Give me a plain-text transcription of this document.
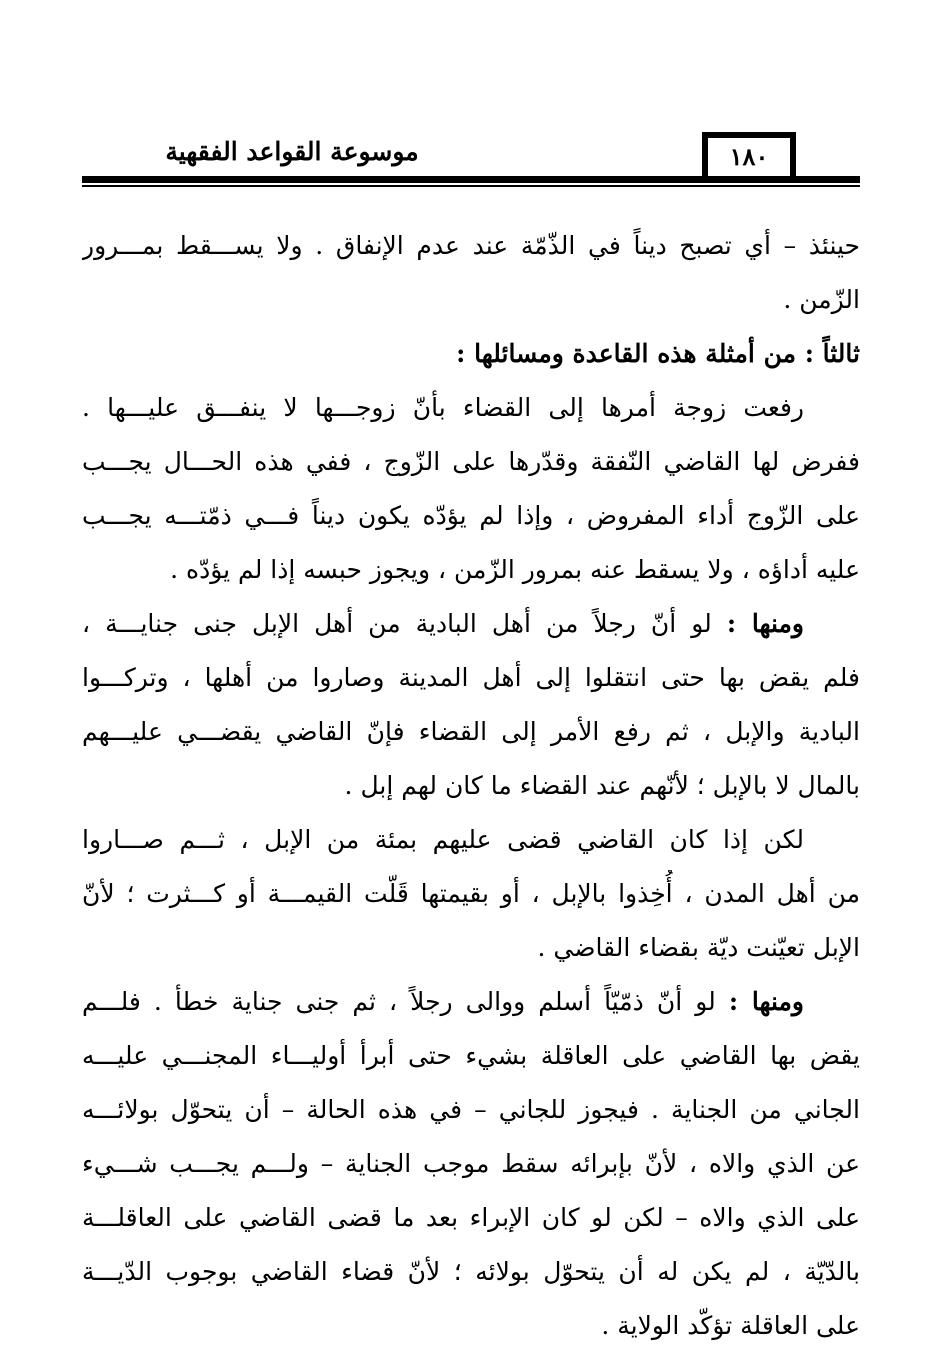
موسوعة القواعد الفقهية	١٨٠
حينئذ – أي تصبح ديناً في الذّمّة عند عدم الإنفاق . ولا يســـقط بمـــرور
الزّمن .
ثالثاً : من أمثلة هذه القاعدة ومسائلها :
رفعت زوجة أمرها إلى القضاء بأنّ زوجـــها لا ينفـــق عليـــها .
ففرض لها القاضي النّفقة وقدّرها على الزّوج ، ففي هذه الحـــال يجـــب
على الزّوج أداء المفروض ، وإذا لم يؤدّه يكون ديناً فـــي ذمّتـــه يجـــب
عليه أداؤه ، ولا يسقط عنه بمرور الزّمن ، ويجوز حبسه إذا لم يؤدّه .
ومنها : لو أنّ رجلاً من أهل البادية من أهل الإبل جنى جنايـــة ،
فلم يقض بها حتى انتقلوا إلى أهل المدينة وصاروا من أهلها ، وتركـــوا
البادية والإبل ، ثم رفع الأمر إلى القضاء فإنّ القاضي يقضـــي عليـــهم
بالمال لا بالإبل ؛ لأنّهم عند القضاء ما كان لهم إبل .
لكن إذا كان القاضي قضى عليهم بمئة من الإبل ، ثـــم صـــاروا
من أهل المدن ، أُخِذوا بالإبل ، أو بقيمتها قَلّت القيمـــة أو كـــثرت ؛ لأنّ
الإبل تعيّنت ديّة بقضاء القاضي .
ومنها : لو أنّ ذمّيّاً أسلم ووالى رجلاً ، ثم جنى جناية خطأ . فلـــم
يقض بها القاضي على العاقلة بشيء حتى أبرأ أوليـــاء المجنـــي عليـــه
الجاني من الجناية . فيجوز للجاني – في هذه الحالة – أن يتحوّل بولائـــه
عن الذي والاه ، لأنّ بإبرائه سقط موجب الجناية – ولـــم يجـــب شـــيء
على الذي والاه – لكن لو كان الإبراء بعد ما قضى القاضي على العاقلـــة
بالدّيّة ، لم يكن له أن يتحوّل بولائه ؛ لأنّ قضاء القاضي بوجوب الدّيـــة
على العاقلة تؤكّد الولاية .
